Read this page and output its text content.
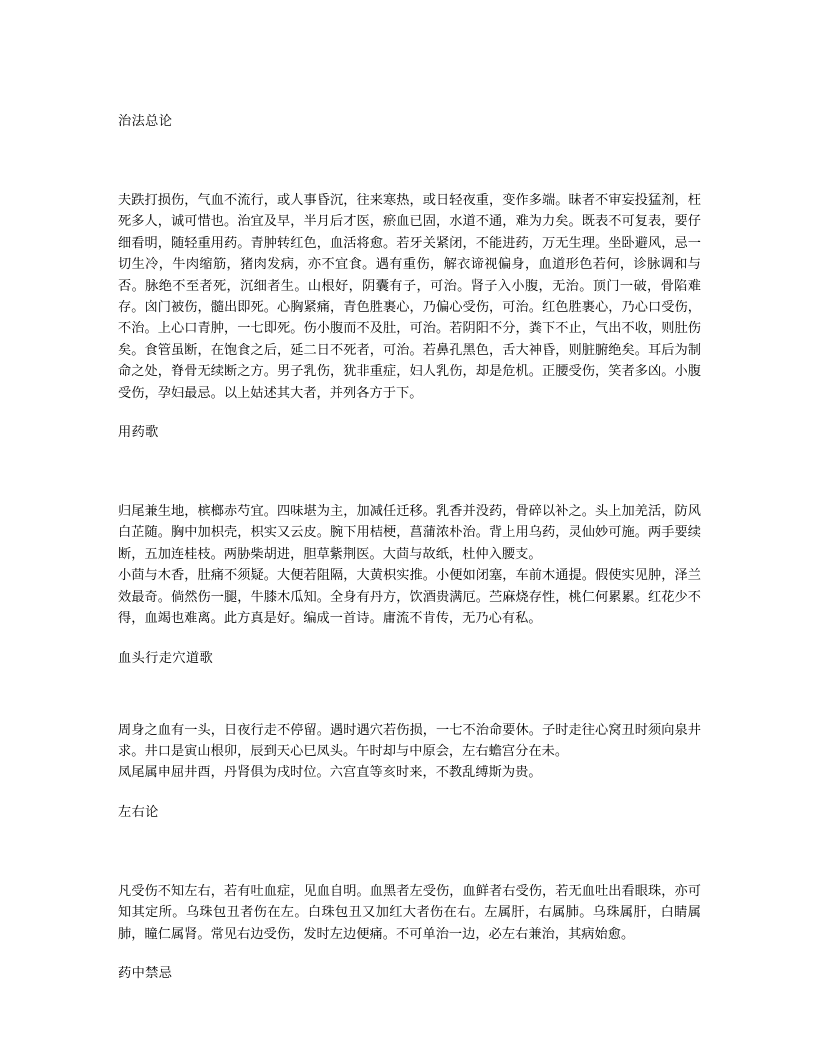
治法总论
夫跌打损伤，气血不流行，或人事昏沉，往来寒热，或日轻夜重，变作多端。昧者不审妄投猛剂，枉死多人，诚可惜也。治宜及早，半月后才医，瘀血已固，水道不通，难为力矣。既表不可复表，要仔细看明，随轻重用药。青肿转红色，血活将愈。若牙关紧闭，不能进药，万无生理。坐卧避风，忌一切生冷，牛肉缩筋，猪肉发病，亦不宜食。遇有重伤，解衣谛视偏身，血道形色若何，诊脉调和与否。脉绝不至者死，沉细者生。山根好，阴囊有子，可治。肾子入小腹，无治。顶门一破，骨陷难存。囟门被伤，髓出即死。心胸紧痛，青色胜裹心，乃偏心受伤，可治。红色胜裹心，乃心口受伤，不治。上心口青肿，一七即死。伤小腹而不及肚，可治。若阴阳不分，粪下不止，气出不收，则肚伤矣。食管虽断，在饱食之后，延二日不死者，可治。若鼻孔黑色，舌大神昏，则脏腑绝矣。耳后为制命之处，脊骨无续断之方。男子乳伤，犹非重症，妇人乳伤，却是危机。正腰受伤，笑者多凶。小腹受伤，孕妇最忌。以上姑述其大者，并列各方于下。
用药歌
归尾兼生地，槟榔赤芍宜。四味堪为主，加减任迁移。乳香并没药，骨碎以补之。头上加羌活，防风白芷随。胸中加枳壳，枳实又云皮。腕下用桔梗，菖蒲浓朴治。背上用乌药，灵仙妙可施。两手要续断，五加连桂枝。两胁柴胡进，胆草紫荆医。大茴与故纸，杜仲入腰支。
小茴与木香，肚痛不须疑。大便若阻隔，大黄枳实推。小便如闭塞，车前木通提。假使实见肿，泽兰效最奇。倘然伤一腿，牛膝木瓜知。全身有丹方，饮酒贵满厄。苎麻烧存性，桃仁何累累。红花少不得，血竭也难离。此方真是好。编成一首诗。庸流不肯传，无乃心有私。
血头行走穴道歌
周身之血有一头，日夜行走不停留。遇时遇穴若伤损，一七不治命要休。子时走往心窝丑时须向泉井求。井口是寅山根卯，辰到天心巳凤头。午时却与中原会，左右蟾宫分在未。
凤尾属申屈井酉，丹肾俱为戌时位。六宫直等亥时来，不教乱缚斯为贵。
左右论
凡受伤不知左右，若有吐血症，见血自明。血黑者左受伤，血鲜者右受伤，若无血吐出看眼珠，亦可知其定所。乌珠包丑者伤在左。白珠包丑又加红大者伤在右。左属肝，右属肺。乌珠属肝，白睛属肺，瞳仁属肾。常见右边受伤，发时左边便痛。不可单治一边，必左右兼治，其病始愈。
药中禁忌
